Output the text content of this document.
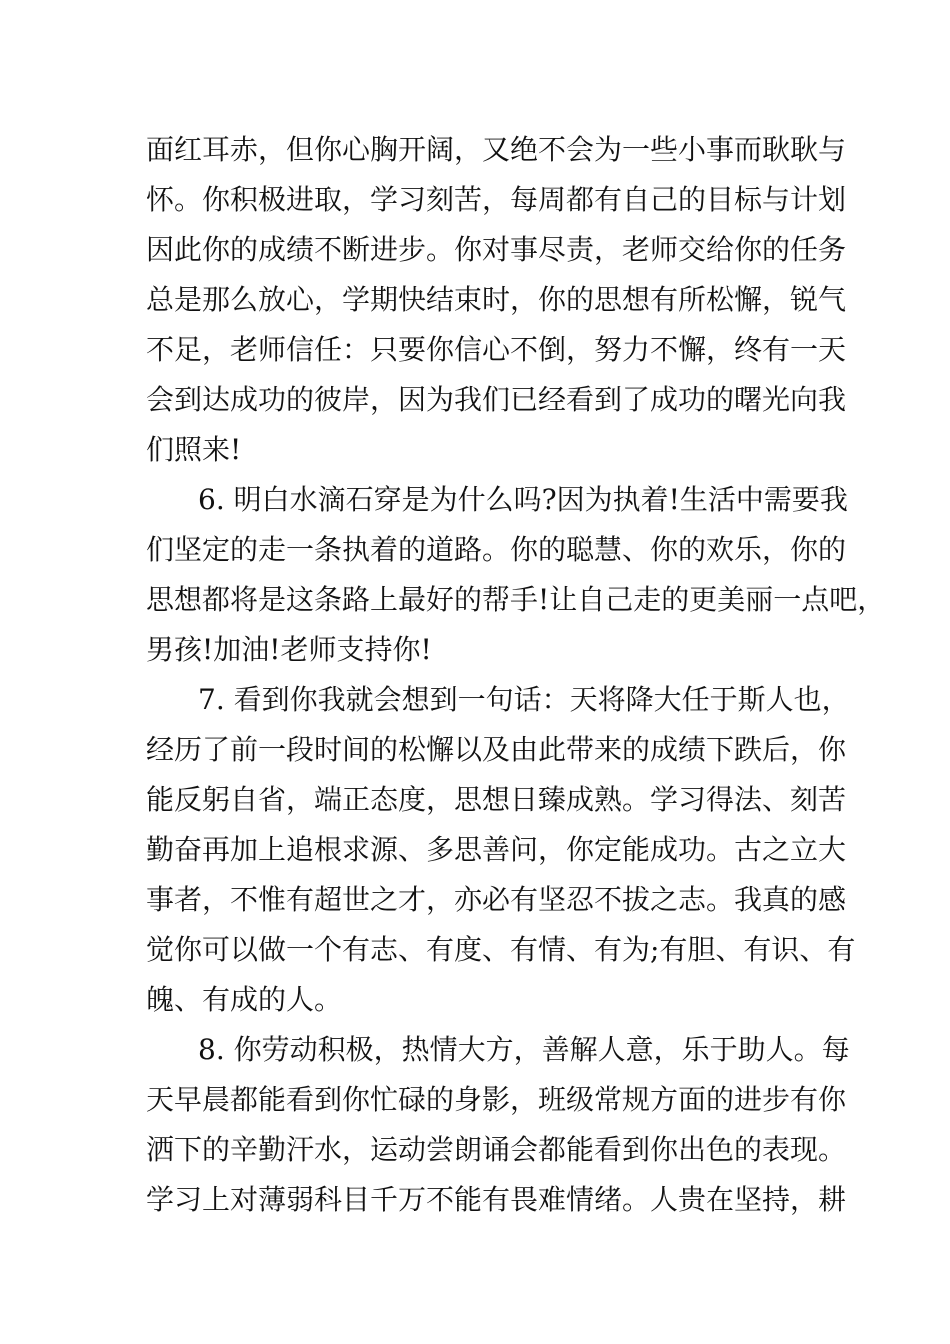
面红耳赤，但你心胸开阔，又绝不会为一些小事而耿耿与
怀。你积极进取，学习刻苦，每周都有自己的目标与计划
因此你的成绩不断进步。你对事尽责，老师交给你的任务
总是那么放心，学期快结束时，你的思想有所松懈，锐气
不足，老师信任：只要你信心不倒，努力不懈，终有一天
会到达成功的彼岸，因为我们已经看到了成功的曙光向我
们照来!
6. 明白水滴石穿是为什么吗?因为执着!生活中需要我
们坚定的走一条执着的道路。你的聪慧、你的欢乐，你的
思想都将是这条路上最好的帮手!让自己走的更美丽一点吧，
男孩!加油!老师支持你!
7. 看到你我就会想到一句话：天将降大任于斯人也，
经历了前一段时间的松懈以及由此带来的成绩下跌后，你
能反躬自省，端正态度，思想日臻成熟。学习得法、刻苦
勤奋再加上追根求源、多思善问，你定能成功。古之立大
事者，不惟有超世之才，亦必有坚忍不拔之志。我真的感
觉你可以做一个有志、有度、有情、有为;有胆、有识、有
魄、有成的人。
8. 你劳动积极，热情大方，善解人意，乐于助人。每
天早晨都能看到你忙碌的身影，班级常规方面的进步有你
洒下的辛勤汗水，运动尝朗诵会都能看到你出色的表现。
学习上对薄弱科目千万不能有畏难情绪。人贵在坚持，耕
